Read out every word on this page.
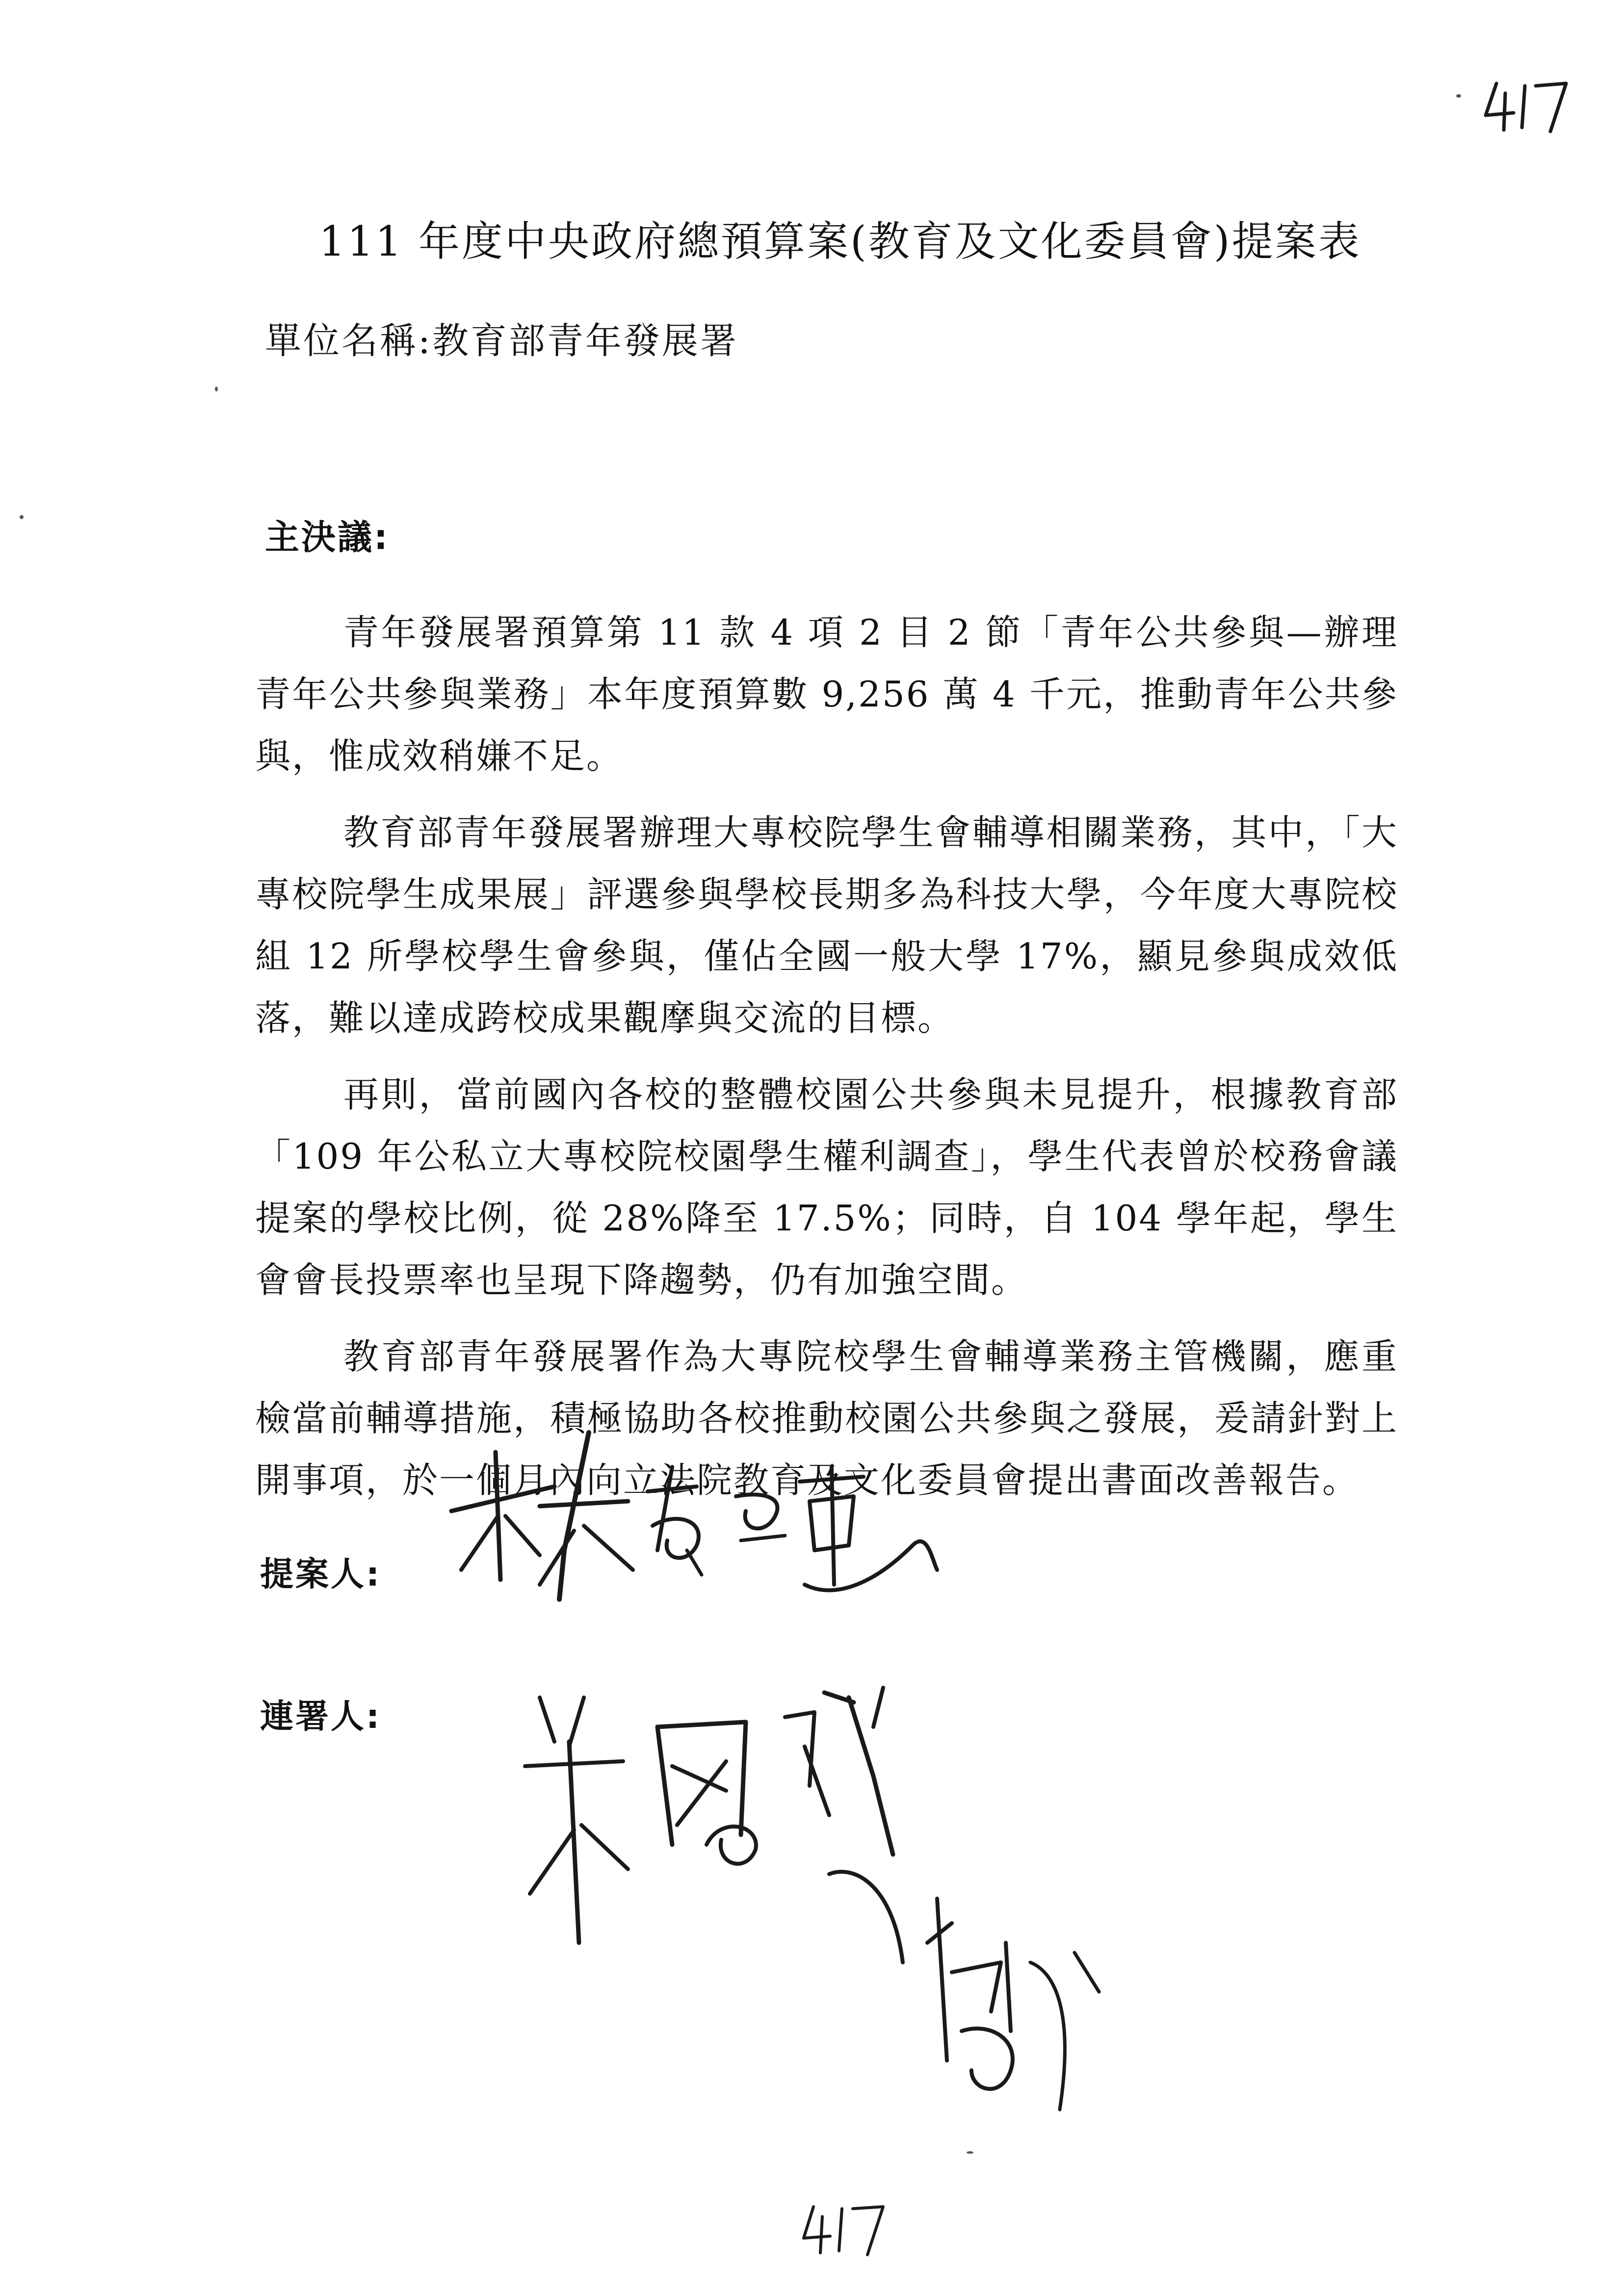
111 年度中央政府總預算案(教育及文化委員會)提案表
單位名稱:教育部青年發展署
主決議:

青年發展署預算第 11 款 4 項 2 目 2 節「青年公共參與—辦理青年公共參與業務」本年度預算數 9,256 萬 4 千元，推動青年公共參與，惟成效稍嫌不足。

教育部青年發展署辦理大專校院學生會輔導相關業務，其中，「大專校院學生成果展」評選參與學校長期多為科技大學，今年度大專院校組 12 所學校學生會參與，僅佔全國一般大學 17%，顯見參與成效低落，難以達成跨校成果觀摩與交流的目標。

再則，當前國內各校的整體校園公共參與未見提升，根據教育部「109 年公私立大專校院校園學生權利調查」，學生代表曾於校務會議提案的學校比例，從 28%降至 17.5%；同時，自 104 學年起，學生會會長投票率也呈現下降趨勢，仍有加強空間。

教育部青年發展署作為大專院校學生會輔導業務主管機關，應重檢當前輔導措施，積極協助各校推動校園公共參與之發展，爰請針對上開事項，於一個月內向立法院教育及文化委員會提出書面改善報告。

提案人:
連署人:
